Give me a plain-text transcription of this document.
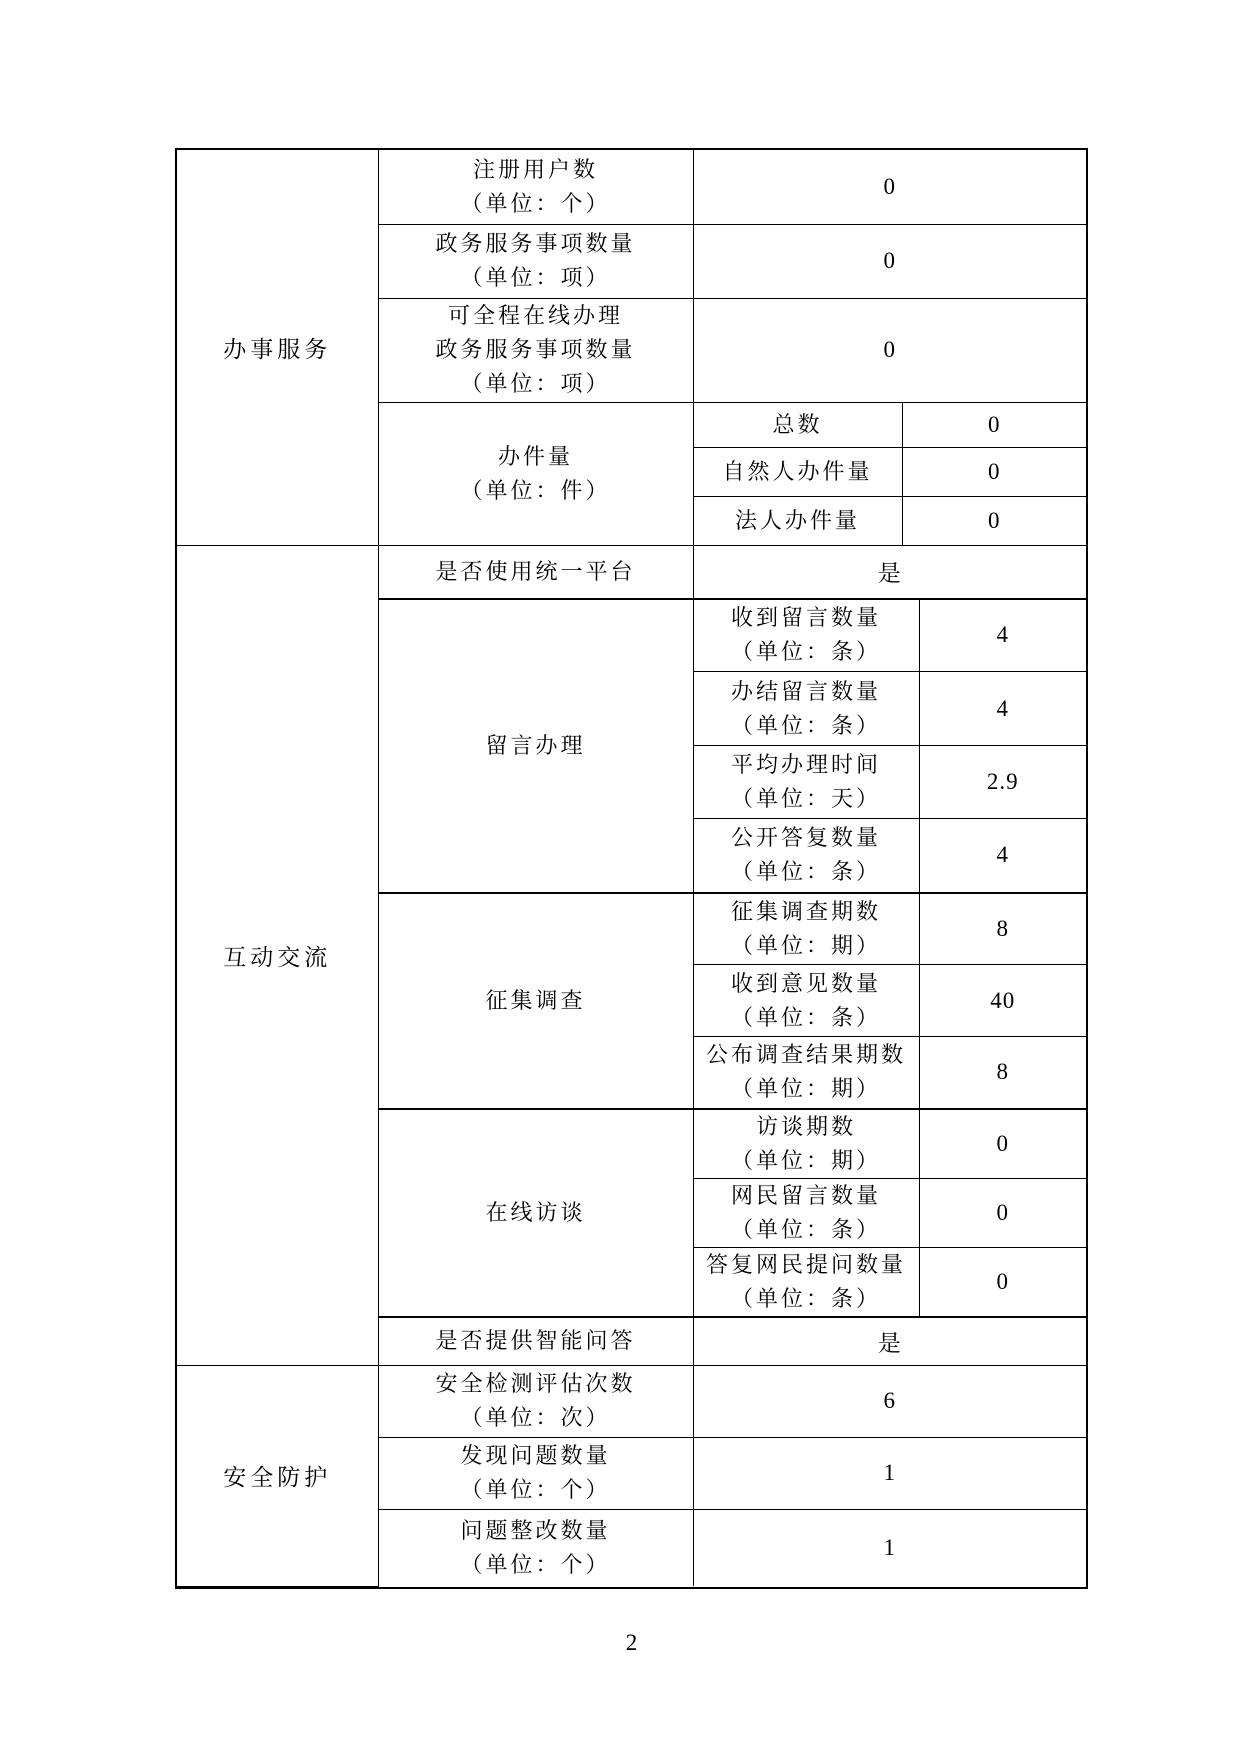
办事服务	注册用户数
（单位：个）	0	

	政务服务事项数量
（单位：项）	0	

	可全程在线办理
政务服务事项数量
（单位：项）	0	

	办件量
（单位：件）	总数	0
		自然人办件量	0
		法人办件量	0
互动交流	是否使用统一平台	是	
	留言办理	收到留言数量
（单位：条）	4

		办结留言数量
（单位：条）	4

		平均办理时间
（单位：天）	2.9

		公开答复数量
（单位：条）	4
	征集调查	征集调查期数
（单位：期）	8

		收到意见数量
（单位：条）	40

		公布调查结果期数
（单位：期）	8
	在线访谈	访谈期数
（单位：期）	0

		网民留言数量
（单位：条）	0

		答复网民提问数量
（单位：条）	0
	是否提供智能问答	是	
安全防护	安全检测评估次数
（单位：次）	6

	发现问题数量
（单位：个）	1

	问题整改数量
（单位：个）	1
2
